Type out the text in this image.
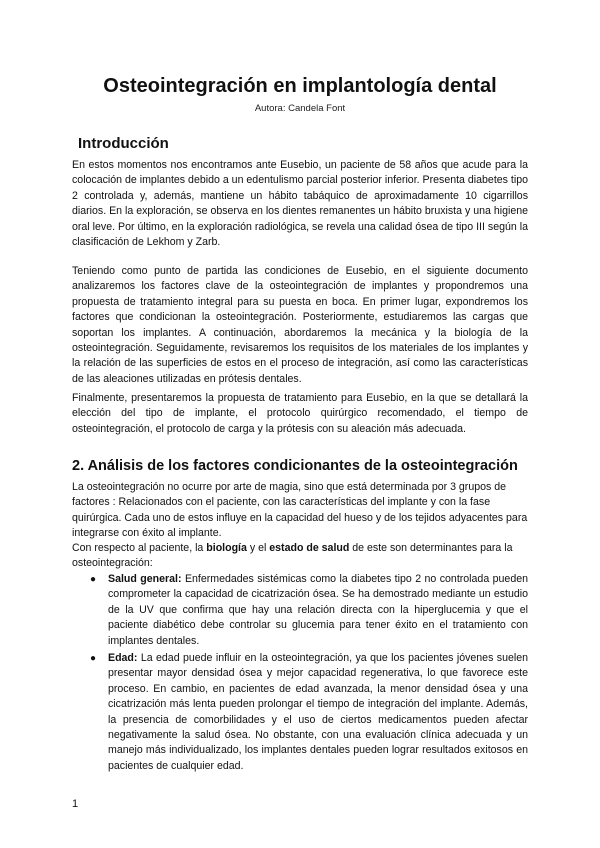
Osteointegración en implantología dental
Autora: Candela Font
Introducción

En estos momentos nos encontramos ante Eusebio, un paciente de 58 años que acude para la colocación de implantes debido a un edentulismo parcial posterior inferior. Presenta diabetes tipo 2 controlada y, además, mantiene un hábito tabáquico de aproximadamente 10 cigarrillos diarios. En la exploración, se observa en los dientes remanentes un hábito bruxista y una higiene oral leve. Por último, en la exploración radiológica, se revela una calidad ósea de tipo III según la clasificación de Lekhom y Zarb.

Teniendo como punto de partida las condiciones de Eusebio, en el siguiente documento analizaremos los factores clave de la osteointegración de implantes y propondremos una propuesta de tratamiento integral para su puesta en boca. En primer lugar, expondremos los factores que condicionan la osteointegración. Posteriormente, estudiaremos las cargas que soportan los implantes. A continuación, abordaremos la mecánica y la biología de la osteointegración. Seguidamente, revisaremos los requisitos de los materiales de los implantes y la relación de las superficies de estos en el proceso de integración, así como las características de las aleaciones utilizadas en prótesis dentales.

Finalmente, presentaremos la propuesta de tratamiento para Eusebio, en la que se detallará la elección del tipo de implante, el protocolo quirúrgico recomendado, el tiempo de osteointegración, el protocolo de carga y la prótesis con su aleación más adecuada.

2. Análisis de los factores condicionantes de la osteointegración

La osteointegración no ocurre por arte de magia, sino que está determinada por 3 grupos de factores : Relacionados con el paciente, con las características del implante y con la fase quirúrgica. Cada uno de estos influye en la capacidad del hueso y de los tejidos adyacentes para integrarse con éxito al implante.

Con respecto al paciente, la biología y el estado de salud de este son determinantes para la osteointegración:

● Salud general: Enfermedades sistémicas como la diabetes tipo 2 no controlada pueden comprometer la capacidad de cicatrización ósea. Se ha demostrado mediante un estudio de la UV que confirma que hay una relación directa con la hiperglucemia y que el paciente diabético debe controlar su glucemia para tener éxito en el tratamiento con implantes dentales.
● Edad: La edad puede influir en la osteointegración, ya que los pacientes jóvenes suelen presentar mayor densidad ósea y mejor capacidad regenerativa, lo que favorece este proceso. En cambio, en pacientes de edad avanzada, la menor densidad ósea y una cicatrización más lenta pueden prolongar el tiempo de integración del implante. Además, la presencia de comorbilidades y el uso de ciertos medicamentos pueden afectar negativamente la salud ósea. No obstante, con una evaluación clínica adecuada y un manejo más individualizado, los implantes dentales pueden lograr resultados exitosos en pacientes de cualquier edad.
1
